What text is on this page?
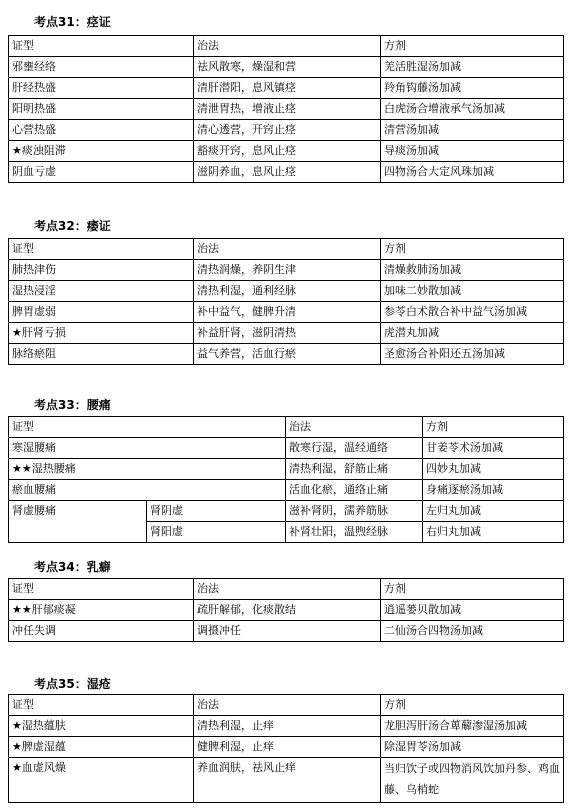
考点31：痉证
证型	治法	方剂
邪壅经络	祛风散寒，燥湿和营	羌活胜湿汤加减
肝经热盛	清肝潜阳，息风镇痉	羚角钩藤汤加减
阳明热盛	清泄胃热，增液止痉	白虎汤合增液承气汤加减
心营热盛	清心透营，开窍止痉	清营汤加减
★痰浊阻滞	豁痰开窍，息风止痉	导痰汤加减
阴血亏虚	滋阴养血，息风止痉	四物汤合大定风珠加减
考点32：痿证
证型	治法	方剂
肺热津伤	清热润燥，养阴生津	清燥救肺汤加减
湿热浸淫	清热利湿，通利经脉	加味二妙散加减
脾胃虚弱	补中益气，健脾升清	参苓白术散合补中益气汤加减
★肝肾亏损	补益肝肾，滋阴清热	虎潜丸加减
脉络瘀阻	益气养营，活血行瘀	圣愈汤合补阳还五汤加减
考点33：腰痛
证型		治法	方剂
寒湿腰痛		散寒行湿，温经通络	甘姜苓术汤加减
★★湿热腰痛		清热利湿，舒筋止痛	四妙丸加减
瘀血腰痛		活血化瘀，通络止痛	身痛逐瘀汤加减
肾虚腰痛	肾阴虚	滋补肾阴，濡养筋脉	左归丸加减
	肾阳虚	补肾壮阳，温煦经脉	右归丸加减
考点34：乳癖
证型	治法	方剂
★★肝郁痰凝	疏肝解郁，化痰散结	逍遥蒌贝散加减
冲任失调	调摄冲任	二仙汤合四物汤加减
考点35：湿疮
证型	治法	方剂
★湿热蕴肤	清热利湿，止痒	龙胆泻肝汤合萆薢渗湿汤加减
★脾虚湿蕴	健脾利湿，止痒	除湿胃苓汤加减
★血虚风燥	养血润肤，祛风止痒	当归饮子或四物消风饮加丹参、鸡血藤、乌梢蛇
